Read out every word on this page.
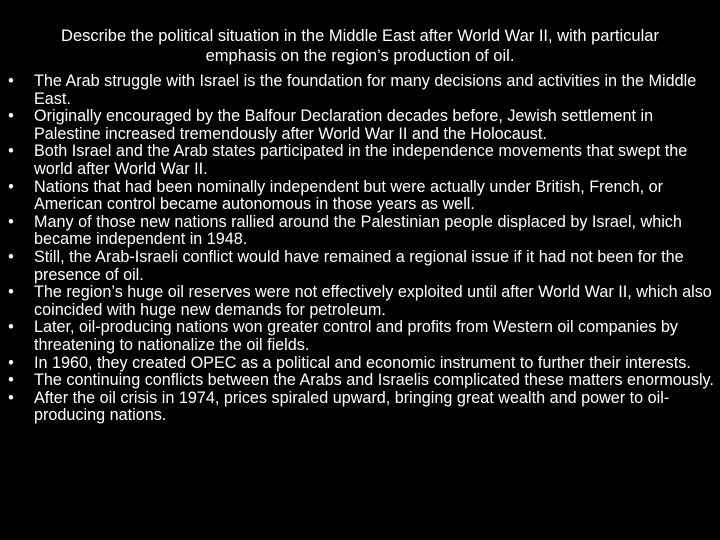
Describe the political situation in the Middle East after World War II, with particular emphasis on the region’s production of oil.
• The Arab struggle with Israel is the foundation for many decisions and activities in the Middle East.
• Originally encouraged by the Balfour Declaration decades before, Jewish settlement in Palestine increased tremendously after World War II and the Holocaust.
• Both Israel and the Arab states participated in the independence movements that swept the world after World War II.
• Nations that had been nominally independent but were actually under British, French, or American control became autonomous in those years as well.
• Many of those new nations rallied around the Palestinian people displaced by Israel, which became independent in 1948.
• Still, the Arab-Israeli conflict would have remained a regional issue if it had not been for the presence of oil.
• The region’s huge oil reserves were not effectively exploited until after World War II, which also coincided with huge new demands for petroleum.
• Later, oil-producing nations won greater control and profits from Western oil companies by threatening to nationalize the oil fields.
• In 1960, they created OPEC as a political and economic instrument to further their interests.
• The continuing conflicts between the Arabs and Israelis complicated these matters enormously.
• After the oil crisis in 1974, prices spiraled upward, bringing great wealth and power to oil-producing nations.
